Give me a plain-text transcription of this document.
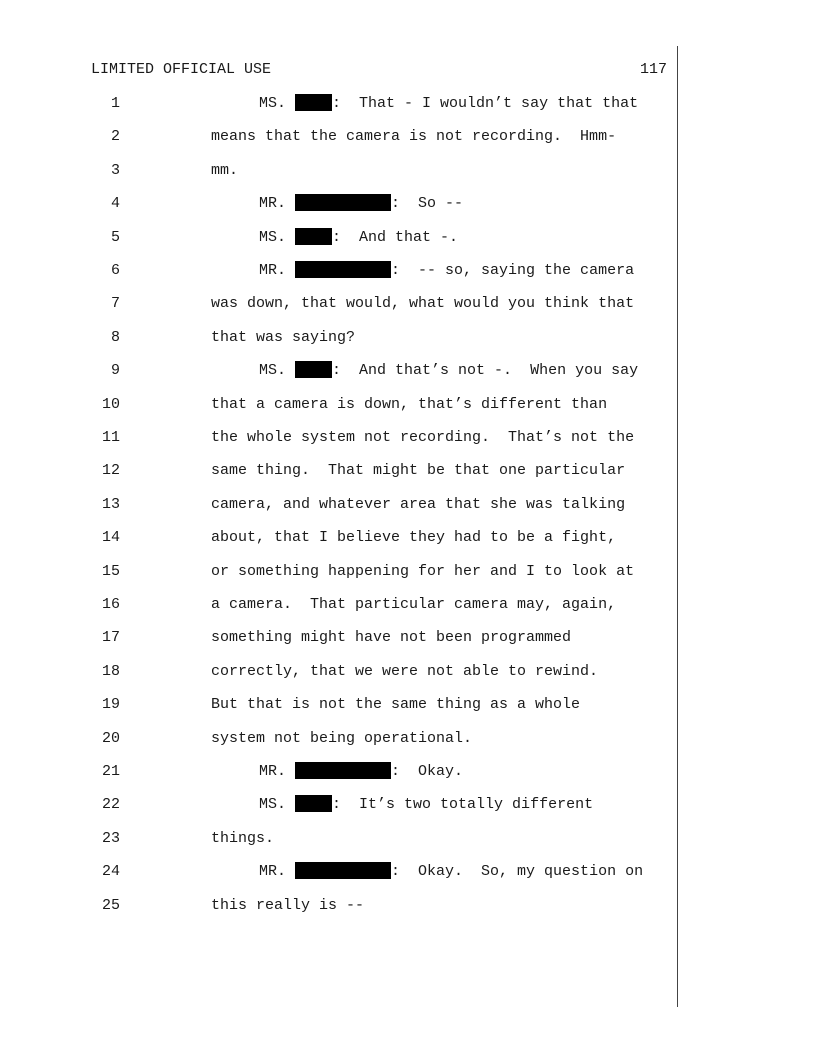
LIMITED OFFICIAL USE	117
1	MS.	:  That - I wouldn’t say that that
2	means that the camera is not recording.  Hmm-
3	mm.
4	MR.	:  So --
5	MS.	:  And that -.
6	MR.	:  -- so, saying the camera
7	was down, that would, what would you think that
8	that was saying?
9	MS.	:  And that’s not -.  When you say
10	that a camera is down, that’s different than
11	the whole system not recording.  That’s not the
12	same thing.  That might be that one particular
13	camera, and whatever area that she was talking
14	about, that I believe they had to be a fight,
15	or something happening for her and I to look at
16	a camera.  That particular camera may, again,
17	something might have not been programmed
18	correctly, that we were not able to rewind.
19	But that is not the same thing as a whole
20	system not being operational.
21	MR.	:  Okay.
22	MS.	:  It’s two totally different
23	things.
24	MR.	:  Okay.  So, my question on
25	this really is --
